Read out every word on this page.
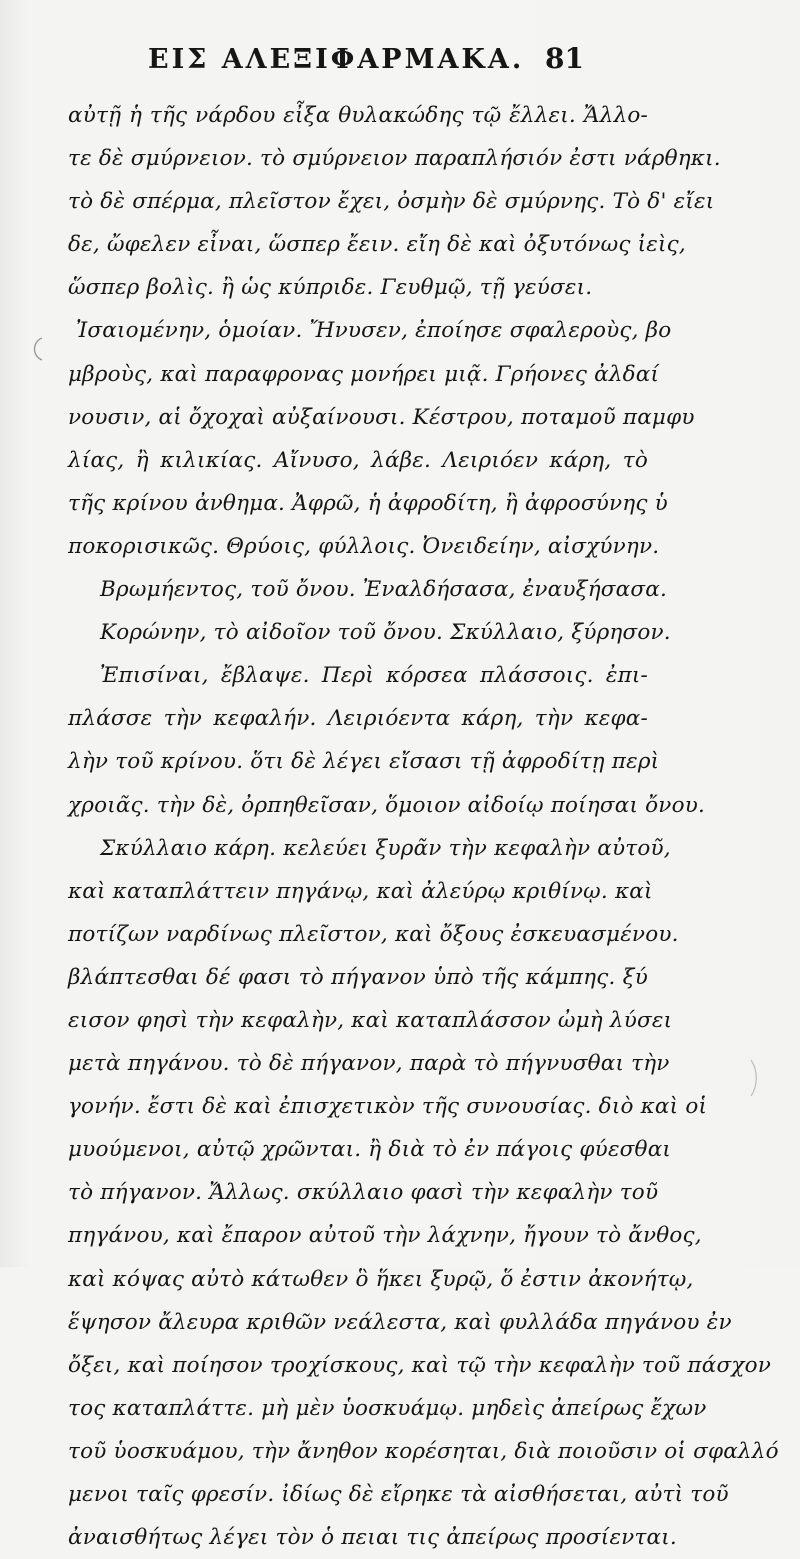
ΕΙΣ ΑΛΕΞΙΦΑΡΜΑΚΑ. 81
αὐτῇ ἡ τῆς νάρδου εἶξα θυλακώδης τῷ ἔλλει. Ἄλλο-
τε δὲ σμύρνειον. τὸ σμύρνειον παραπλήσιόν ἐστι νάρθηκι.
τὸ δὲ σπέρμα, πλεῖστον ἔχει, ὀσμὴν δὲ σμύρνης. Τὸ δ' εἴει
δε, ὤφελεν εἶναι, ὥσπερ ἔειν. εἴη δὲ καὶ ὀξυτόνως ἰεὶς,
ὥσπερ βολὶς. ἢ ὡς κύπριδε. Γευθμῷ, τῇ γεύσει.
Ἰσαιομένην, ὁμοίαν. Ἤνυσεν, ἐποίησε σφαλεροὺς, βο
μβροὺς, καὶ παραφρονας μονήρει μιᾷ. Γρήονες ἀλδαί
νουσιν, αἱ ὄχοχαὶ αὐξαίνουσι. Κέστρου, ποταμοῦ παμφυ
λίας, ἢ κιλικίας. Αἴνυσο, λάβε. Λειριόεν κάρη, τὸ
τῆς κρίνου ἀνθημα. Ἀφρῶ, ἡ ἀφροδίτη, ἢ ἀφροσύνης ὑ
ποκορισικῶς. Θρύοις, φύλλοις. Ὀνειδείην, αἰσχύνην.
Βρωμήεντος, τοῦ ὄνου. Ἐναλδήσασα, ἐναυξήσασα.
Κορώνην, τὸ αἰδοῖον τοῦ ὄνου. Σκύλλαιο, ξύρησον.
Ἐπισίναι, ἔβλαψε. Περὶ κόρσεα πλάσσοις. ἐπι-
πλάσσε τὴν κεφαλήν. Λειριόεντα κάρη, τὴν κεφα-
λὴν τοῦ κρίνου. ὅτι δὲ λέγει εἴσασι τῇ ἀφροδίτῃ περὶ
χροιᾶς. τὴν δὲ, ὀρπηθεῖσαν, ὅμοιον αἰδοίῳ ποίησαι ὄνου.
Σκύλλαιο κάρη. κελεύει ξυρᾶν τὴν κεφαλὴν αὐτοῦ,
καὶ καταπλάττειν πηγάνῳ, καὶ ἀλεύρῳ κριθίνῳ. καὶ
ποτίζων ναρδίνως πλεῖστον, καὶ ὄξους ἐσκευασμένου.
βλάπτεσθαι δέ φασι τὸ πήγανον ὑπὸ τῆς κάμπης. ξύ
εισον φησὶ τὴν κεφαλὴν, καὶ καταπλάσσον ὠμὴ λύσει
μετὰ πηγάνου. τὸ δὲ πήγανον, παρὰ τὸ πήγνυσθαι τὴν
γονήν. ἔστι δὲ καὶ ἐπισχετικὸν τῆς συνουσίας. διὸ καὶ οἱ
μυούμενοι, αὐτῷ χρῶνται. ἢ διὰ τὸ ἐν πάγοις φύεσθαι
τὸ πήγανον. Ἄλλως. σκύλλαιο φασὶ τὴν κεφαλὴν τοῦ
πηγάνου, καὶ ἔπαρον αὐτοῦ τὴν λάχνην, ἤγουν τὸ ἄνθος,
καὶ κόψας αὐτὸ κάτωθεν ὃ ἥκει ξυρῷ, ὅ ἐστιν ἀκονήτῳ,
ἕψησον ἄλευρα κριθῶν νεάλεστα, καὶ φυλλάδα πηγάνου ἐν
ὄξει, καὶ ποίησον τροχίσκους, καὶ τῷ τὴν κεφαλὴν τοῦ πάσχον
τος καταπλάττε. μὴ μὲν ὑοσκυάμῳ. μηδεὶς ἀπείρως ἔχων
τοῦ ὑοσκυάμου, τὴν ἄνηθον κορέσηται, διὰ ποιοῦσιν οἱ σφαλλό
μενοι ταῖς φρεσίν. ἰδίως δὲ εἴρηκε τὰ αἰσθήσεται, αὐτὶ τοῦ
ἀναισθήτως λέγει τὸν ὁ πειαι τις ἀπείρως προσίενται.
